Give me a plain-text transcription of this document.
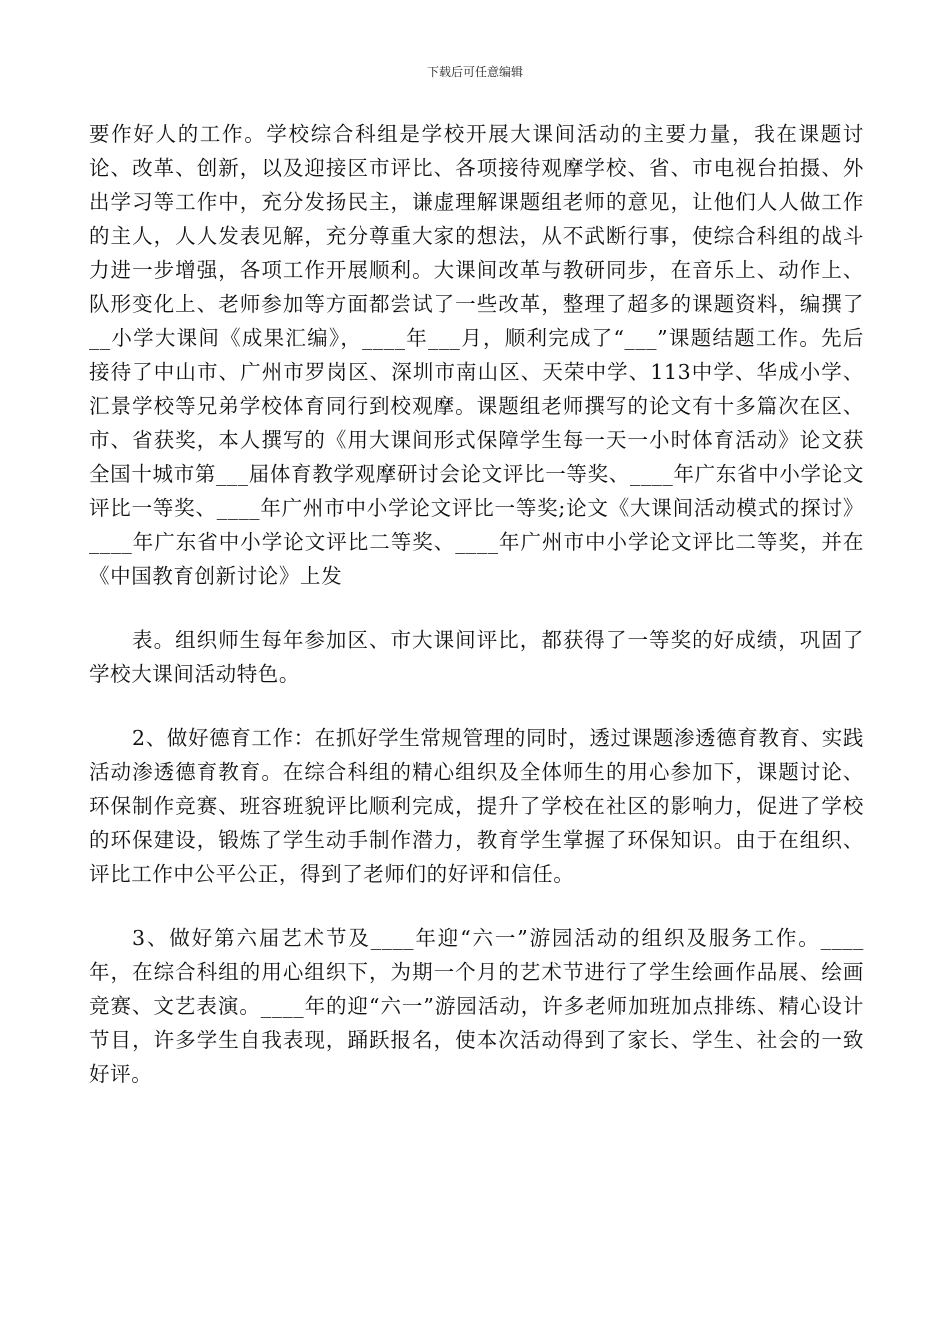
下载后可任意编辑

要作好人的工作。学校综合科组是学校开展大课间活动的主要力量，我在课题讨论、改革、创新，以及迎接区市评比、各项接待观摩学校、省、市电视台拍摄、外出学习等工作中，充分发扬民主，谦虚理解课题组老师的意见，让他们人人做工作的主人，人人发表见解，充分尊重大家的想法，从不武断行事，使综合科组的战斗力进一步增强，各项工作开展顺利。大课间改革与教研同步，在音乐上、动作上、队形变化上、老师参加等方面都尝试了一些改革，整理了超多的课题资料，编撰了__小学大课间《成果汇编》，____年___月，顺利完成了“___”课题结题工作。先后接待了中山市、广州市罗岗区、深圳市南山区、天荣中学、113中学、华成小学、汇景学校等兄弟学校体育同行到校观摩。课题组老师撰写的论文有十多篇次在区、市、省获奖，本人撰写的《用大课间形式保障学生每一天一小时体育活动》论文获全国十城市第___届体育教学观摩研讨会论文评比一等奖、____年广东省中小学论文评比一等奖、____年广州市中小学论文评比一等奖;论文《大课间活动模式的探讨》____年广东省中小学论文评比二等奖、____年广州市中小学论文评比二等奖，并在《中国教育创新讨论》上发

表。组织师生每年参加区、市大课间评比，都获得了一等奖的好成绩，巩固了学校大课间活动特色。

2、做好德育工作：在抓好学生常规管理的同时，透过课题渗透德育教育、实践活动渗透德育教育。在综合科组的精心组织及全体师生的用心参加下，课题讨论、环保制作竞赛、班容班貌评比顺利完成，提升了学校在社区的影响力，促进了学校的环保建设，锻炼了学生动手制作潜力，教育学生掌握了环保知识。由于在组织、评比工作中公平公正，得到了老师们的好评和信任。

3、做好第六届艺术节及____年迎“六一”游园活动的组织及服务工作。____年，在综合科组的用心组织下，为期一个月的艺术节进行了学生绘画作品展、绘画竞赛、文艺表演。____年的迎“六一”游园活动，许多老师加班加点排练、精心设计节目，许多学生自我表现，踊跃报名，使本次活动得到了家长、学生、社会的一致好评。
